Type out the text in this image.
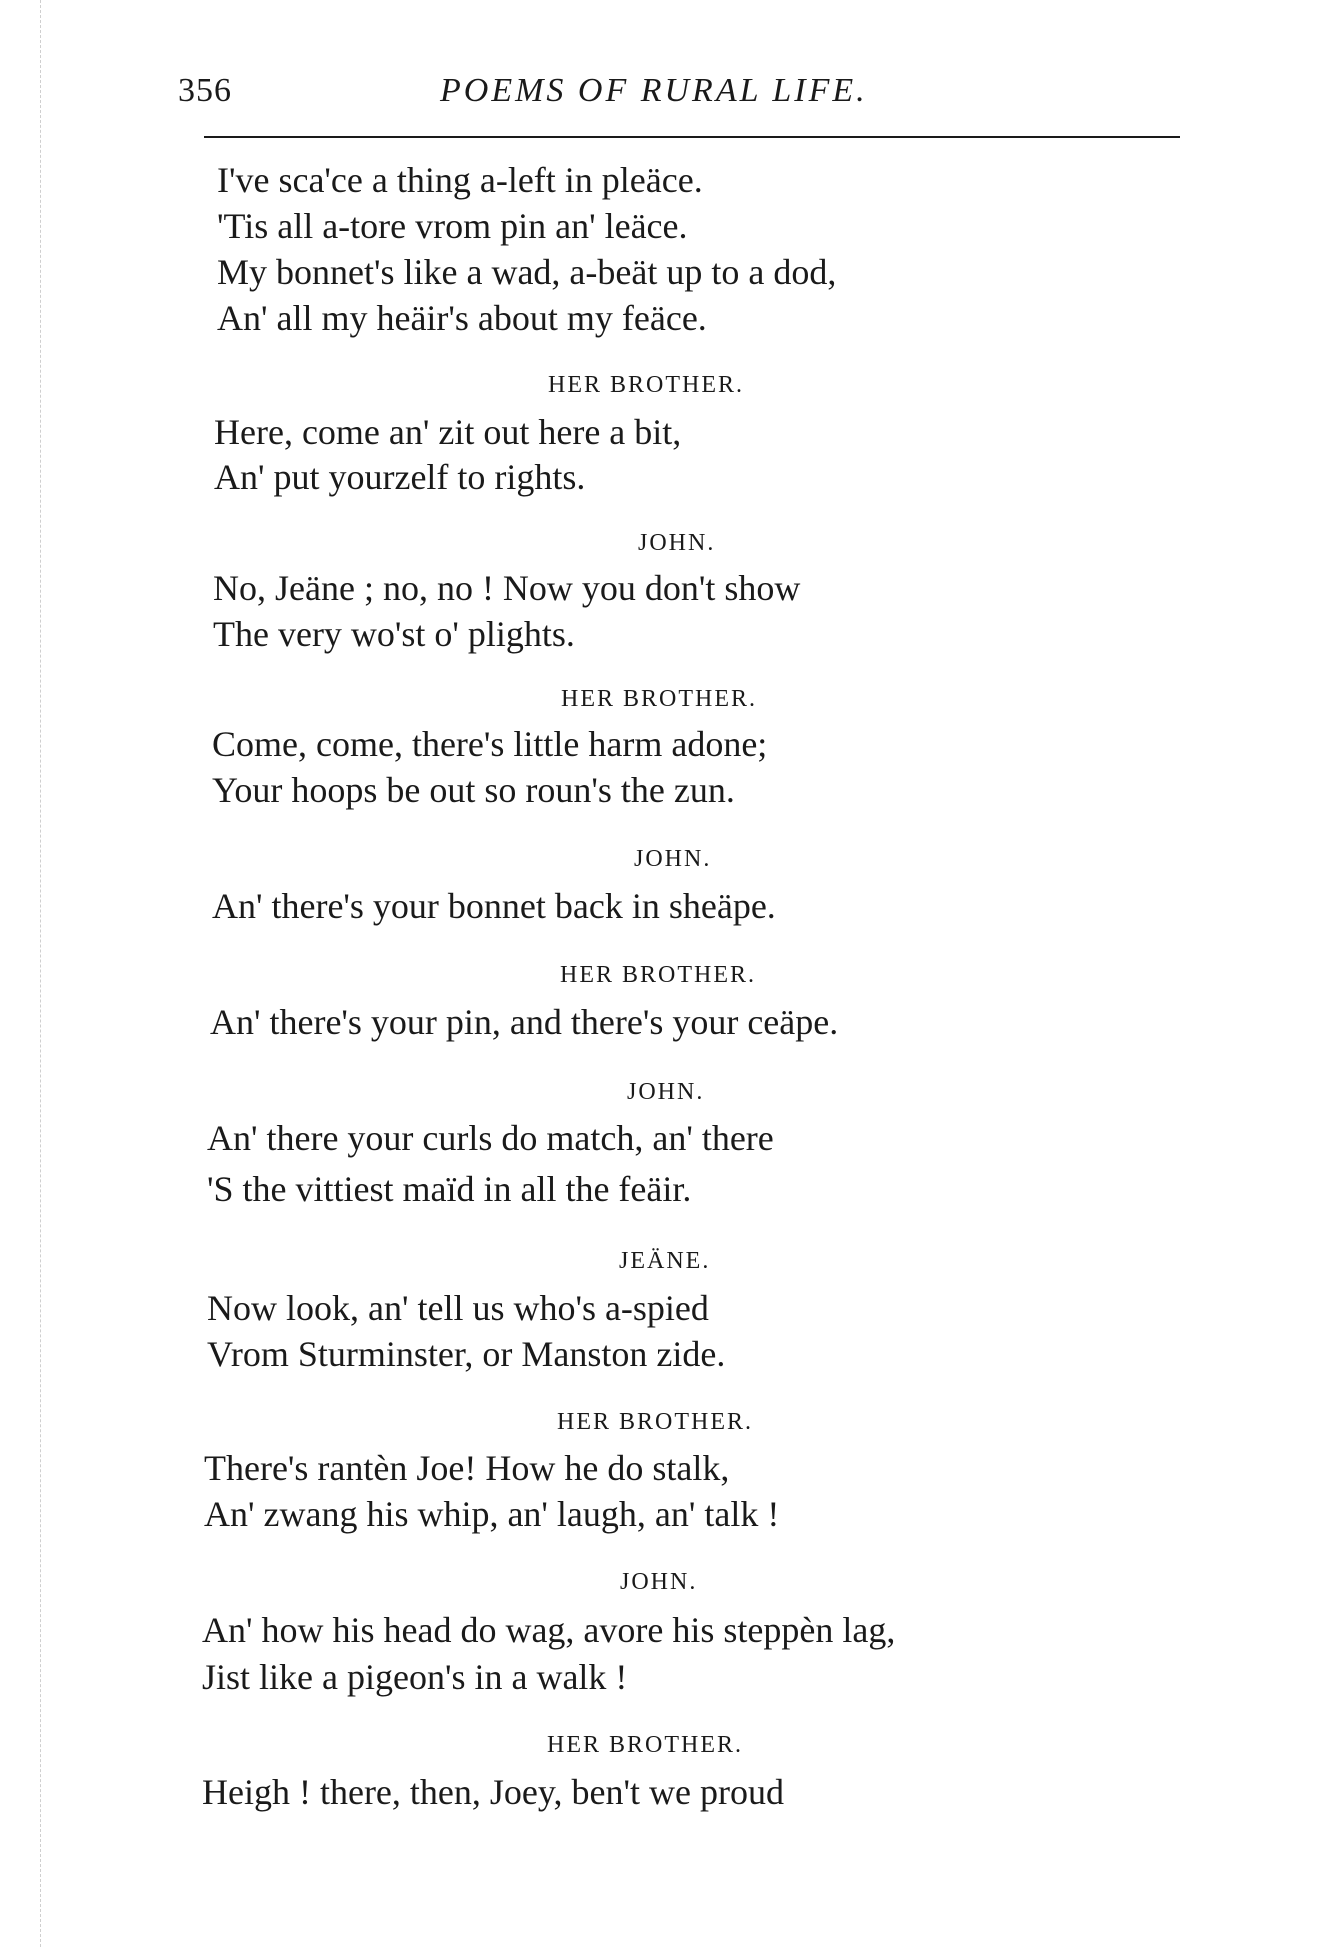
356	POEMS OF RURAL LIFE.
I've sca'ce a thing a-left in pleäce.
'Tis all a-tore vrom pin an' leäce.
My bonnet's like a wad, a-beät up to a dod,
An' all my heäir's about my feäce.
HER BROTHER.
Here, come an' zit out here a bit,
An' put yourzelf to rights.
JOHN.
No, Jeäne ; no, no ! Now you don't show
The very wo'st o' plights.
HER BROTHER.
Come, come, there's little harm adone;
Your hoops be out so roun's the zun.
JOHN.
An' there's your bonnet back in sheäpe.
HER BROTHER.
An' there's your pin, and there's your ceäpe.
JOHN.
An' there your curls do match, an' there
'S the vittiest maïd in all the feäir.
JEÄNE.
Now look, an' tell us who's a-spied
Vrom Sturminster, or Manston zide.
HER BROTHER.
There's rantèn Joe! How he do stalk,
An' zwang his whip, an' laugh, an' talk !
JOHN.
An' how his head do wag, avore his steppèn lag,
Jist like a pigeon's in a walk !
HER BROTHER.
Heigh ! there, then, Joey, ben't we proud
